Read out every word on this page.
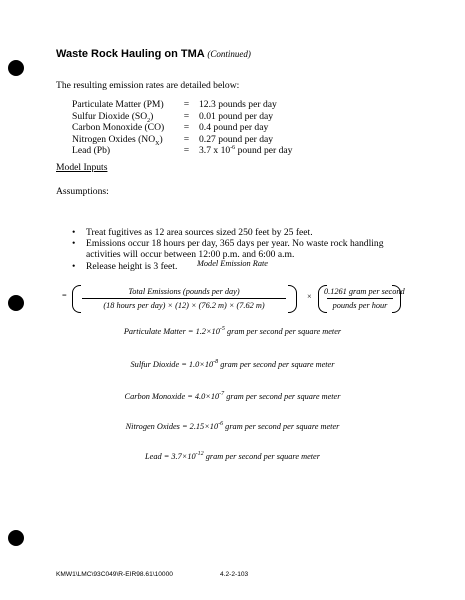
Waste Rock Hauling on TMA (Continued)
The resulting emission rates are detailed below:
Particulate Matter (PM)	=	12.3 pounds per day
Sulfur Dioxide $(SO_2)$	=	0.01 pound per day
Carbon Monoxide (CO)	=	0.4 pound per day
Nitrogen Oxides $(NO_X)$	=	0.27 pound per day
Lead (Pb)	=	3.7 x $10^{-6}$ pound per day
Model Inputs
Assumptions:
• Treat fugitives as 12 area sources sized 250 feet by 25 feet.
• Emissions occur 18 hours per day, 365 days per year. No waste rock handling activities will occur between 12:00 p.m. and 6:00 a.m.
• Release height is 3 feet.	Model Emission Rate
=	Total Emissions (pounds per day)
(18 hours per day) × (12) × (76.2 m) × (7.62 m)
×
0.1261 gram per second
pounds per hour
Particulate Matter = $1.2\times 10^{-5}$ gram per second per square meter
Sulfur Dioxide = $1.0\times 10^{-8}$ gram per second per square meter
Carbon Monoxide = $4.0\times 10^{-7}$ gram per second per square meter
Nitrogen Oxides = $2.15\times 10^{-6}$ gram per second per square meter
Lead = $3.7\times 10^{-12}$ gram per second per square meter
KMW1\LMC\93C049\R-EIR98.61\10000	4.2-2-103
